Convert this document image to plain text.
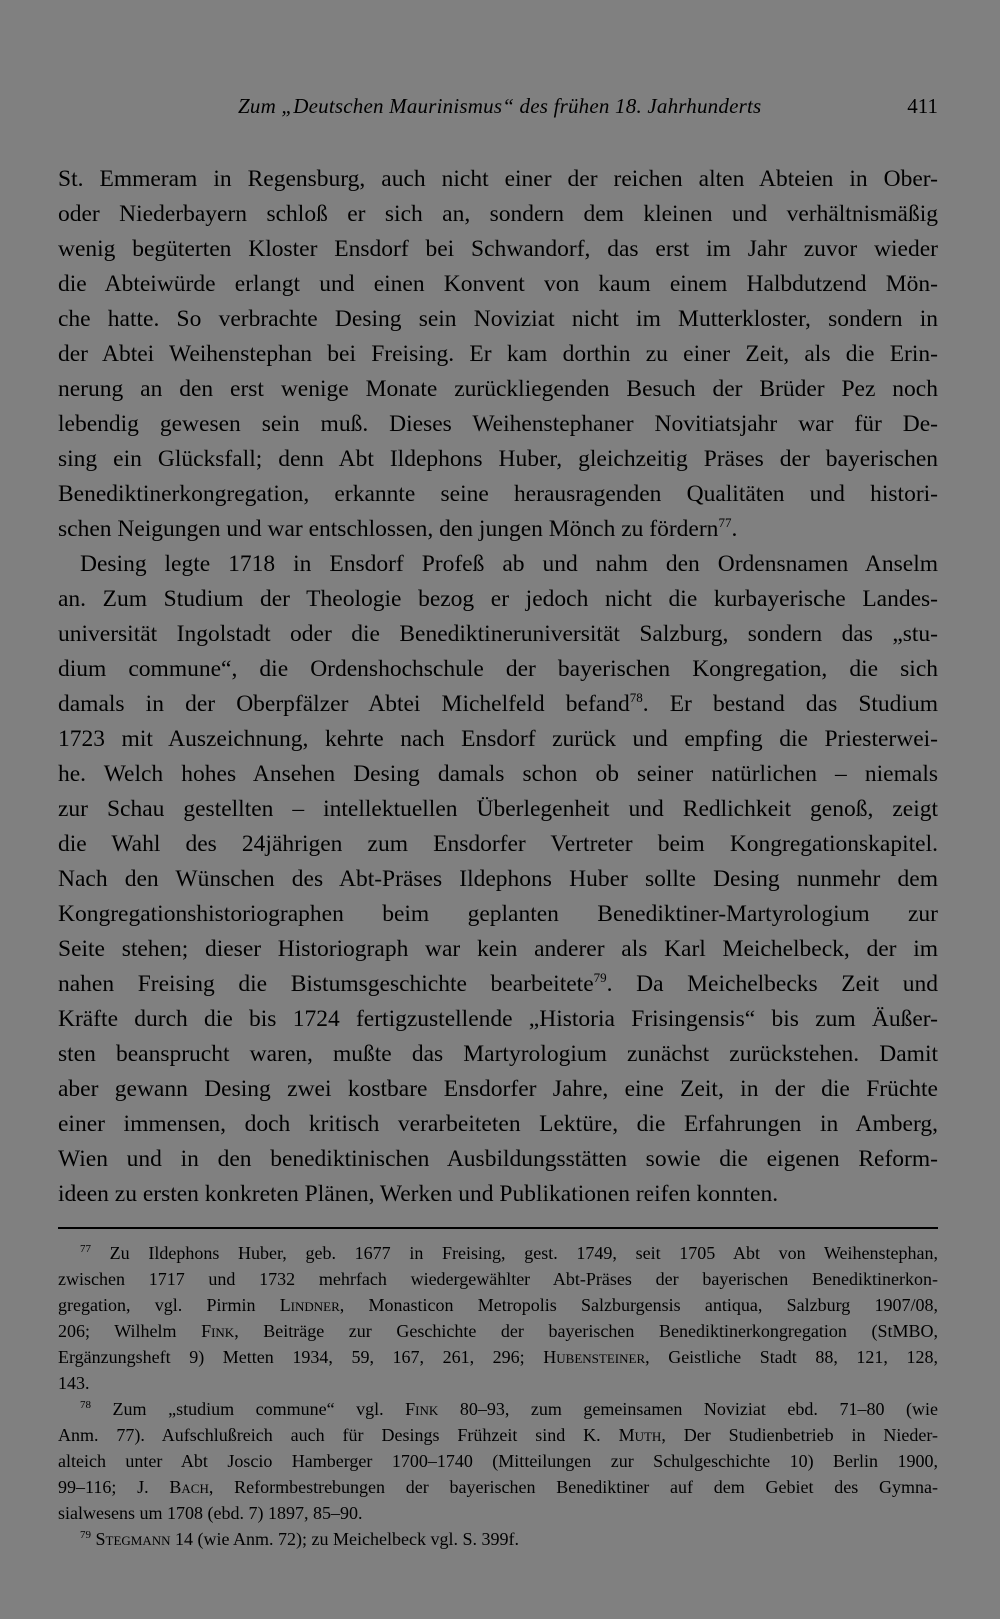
Zum „Deutschen Maurinismus“ des frühen 18. Jahrhunderts	411
St. Emmeram in Regensburg, auch nicht einer der reichen alten Abteien in Ober-
oder Niederbayern schloß er sich an, sondern dem kleinen und verhältnismäßig
wenig begüterten Kloster Ensdorf bei Schwandorf, das erst im Jahr zuvor wieder
die Abteiwürde erlangt und einen Konvent von kaum einem Halbdutzend Mön-
che hatte. So verbrachte Desing sein Noviziat nicht im Mutterkloster, sondern in
der Abtei Weihenstephan bei Freising. Er kam dorthin zu einer Zeit, als die Erin-
nerung an den erst wenige Monate zurückliegenden Besuch der Brüder Pez noch
lebendig gewesen sein muß. Dieses Weihenstephaner Novitiatsjahr war für De-
sing ein Glücksfall; denn Abt Ildephons Huber, gleichzeitig Präses der bayerischen
Benediktinerkongregation, erkannte seine herausragenden Qualitäten und histori-
schen Neigungen und war entschlossen, den jungen Mönch zu fördern$^{77}$.
Desing legte 1718 in Ensdorf Profeß ab und nahm den Ordensnamen Anselm
an. Zum Studium der Theologie bezog er jedoch nicht die kurbayerische Landes-
universität Ingolstadt oder die Benediktineruniversität Salzburg, sondern das „stu-
dium commune“, die Ordenshochschule der bayerischen Kongregation, die sich
damals in der Oberpfälzer Abtei Michelfeld befand$^{78}$. Er bestand das Studium
1723 mit Auszeichnung, kehrte nach Ensdorf zurück und empfing die Priesterwei-
he. Welch hohes Ansehen Desing damals schon ob seiner natürlichen – niemals
zur Schau gestellten – intellektuellen Überlegenheit und Redlichkeit genoß, zeigt
die Wahl des 24jährigen zum Ensdorfer Vertreter beim Kongregationskapitel.
Nach den Wünschen des Abt-Präses Ildephons Huber sollte Desing nunmehr dem
Kongregationshistoriographen beim geplanten Benediktiner-Martyrologium zur
Seite stehen; dieser Historiograph war kein anderer als Karl Meichelbeck, der im
nahen Freising die Bistumsgeschichte bearbeitete$^{79}$. Da Meichelbecks Zeit und
Kräfte durch die bis 1724 fertigzustellende „Historia Frisingensis“ bis zum Äußer-
sten beansprucht waren, mußte das Martyrologium zunächst zurückstehen. Damit
aber gewann Desing zwei kostbare Ensdorfer Jahre, eine Zeit, in der die Früchte
einer immensen, doch kritisch verarbeiteten Lektüre, die Erfahrungen in Amberg,
Wien und in den benediktinischen Ausbildungsstätten sowie die eigenen Reform-
ideen zu ersten konkreten Plänen, Werken und Publikationen reifen konnten.
$^{77}$ Zu Ildephons Huber, geb. 1677 in Freising, gest. 1749, seit 1705 Abt von Weihenstephan,
zwischen 1717 und 1732 mehrfach wiedergewählter Abt-Präses der bayerischen Benediktinerkon-
gregation, vgl. Pirmin Lindner, Monasticon Metropolis Salzburgensis antiqua, Salzburg 1907/08,
206; Wilhelm Fink, Beiträge zur Geschichte der bayerischen Benediktinerkongregation (StMBO,
Ergänzungsheft 9) Metten 1934, 59, 167, 261, 296; Hubensteiner, Geistliche Stadt 88, 121, 128,
143.
$^{78}$ Zum „studium commune“ vgl. Fink 80–93, zum gemeinsamen Noviziat ebd. 71–80 (wie
Anm. 77). Aufschlußreich auch für Desings Frühzeit sind K. Muth, Der Studienbetrieb in Nieder-
alteich unter Abt Joscio Hamberger 1700–1740 (Mitteilungen zur Schulgeschichte 10) Berlin 1900,
99–116; J. Bach, Reformbestrebungen der bayerischen Benediktiner auf dem Gebiet des Gymna-
sialwesens um 1708 (ebd. 7) 1897, 85–90.
$^{79}$ Stegmann 14 (wie Anm. 72); zu Meichelbeck vgl. S. 399f.
